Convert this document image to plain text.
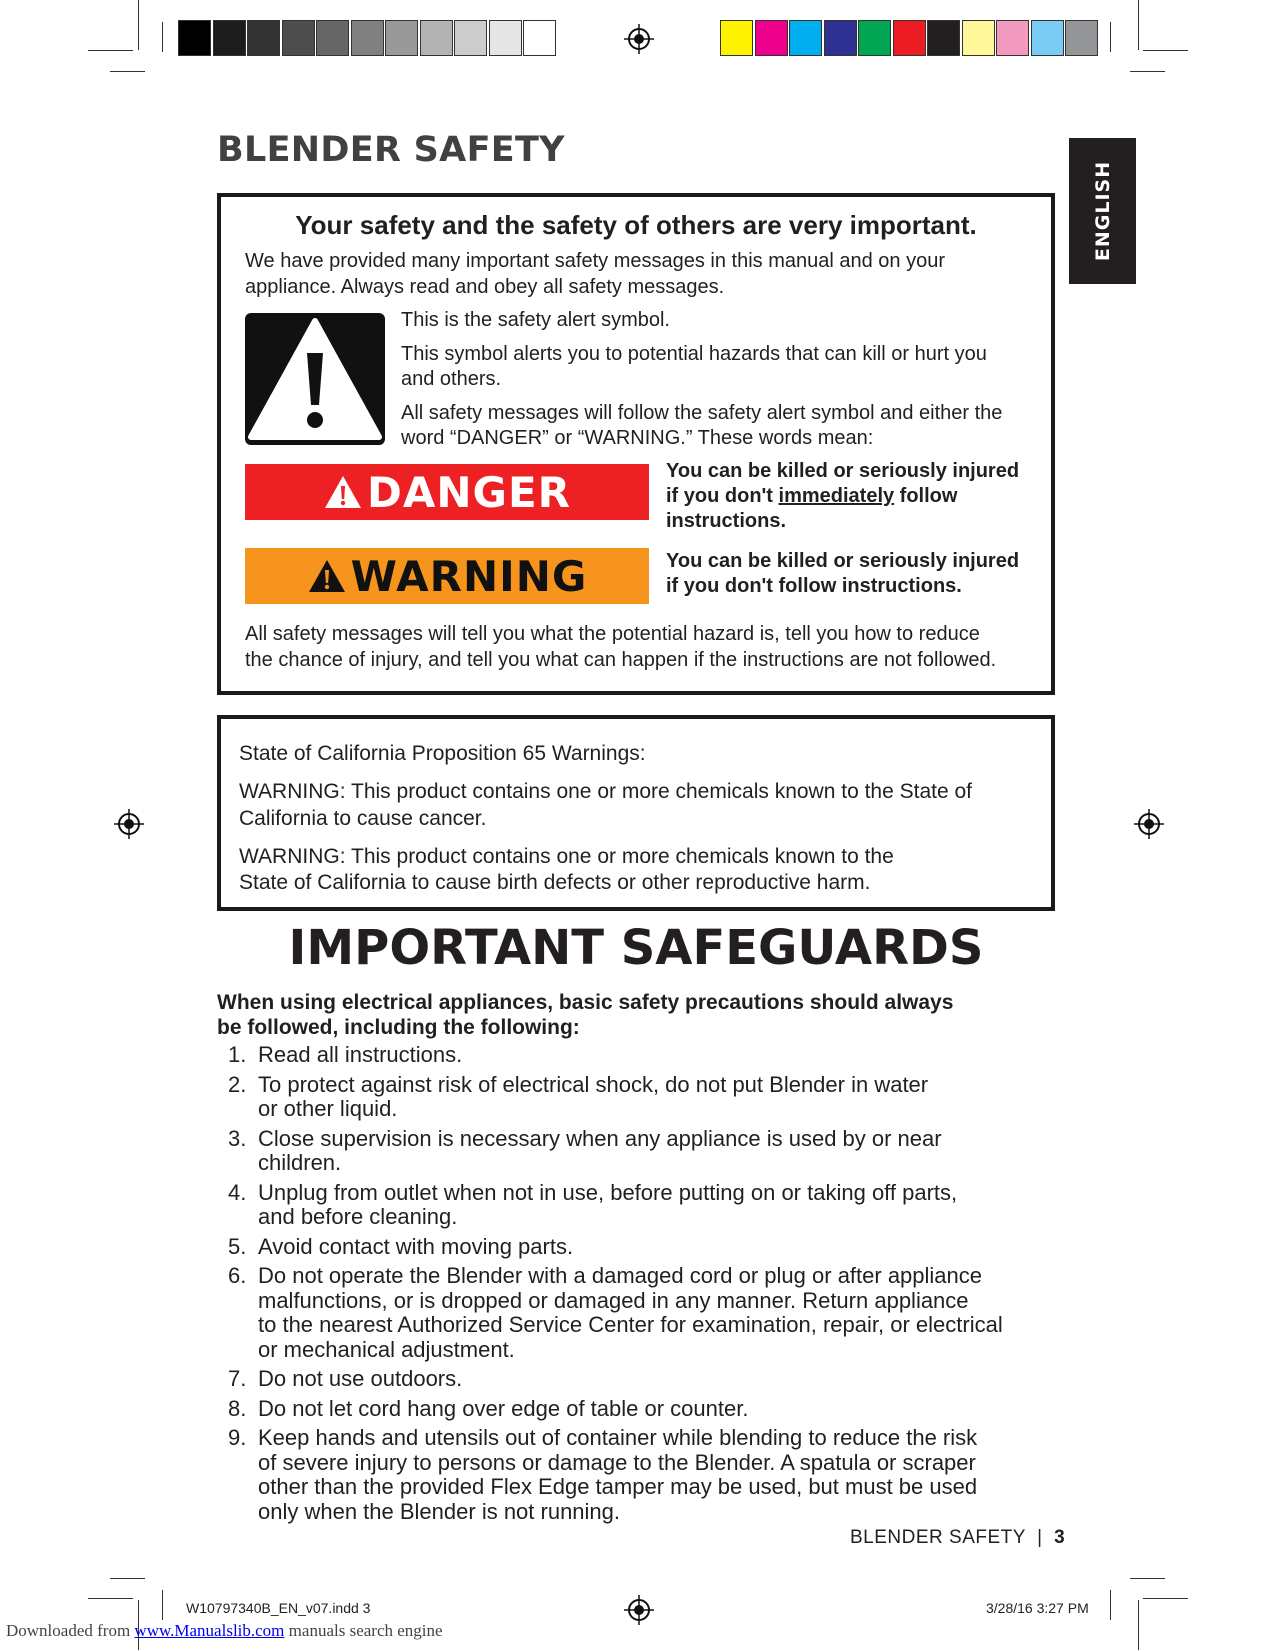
ENGLISH
BLENDER SAFETY
Your safety and the safety of others are very important.
We have provided many important safety messages in this manual and on your
appliance. Always read and obey all safety messages.
This is the safety alert symbol.
This symbol alerts you to potential hazards that can kill or hurt you
and others.
All safety messages will follow the safety alert symbol and either the
word “DANGER” or “WARNING.” These words mean:
DANGER	You can be killed or seriously injured
if you don't immediately follow
instructions.
WARNING	You can be killed or seriously injured
if you don't follow instructions.
All safety messages will tell you what the potential hazard is, tell you how to reduce
the chance of injury, and tell you what can happen if the instructions are not followed.
State of California Proposition 65 Warnings:
WARNING: This product contains one or more chemicals known to the State of
California to cause cancer.
WARNING: This product contains one or more chemicals known to the
State of California to cause birth defects or other reproductive harm.
IMPORTANT SAFEGUARDS
When using electrical appliances, basic safety precautions should always
be followed, including the following:
1. Read all instructions.
2. To protect against risk of electrical shock, do not put Blender in water
or other liquid.
3. Close supervision is necessary when any appliance is used by or near
children.
4. Unplug from outlet when not in use, before putting on or taking off parts,
and before cleaning.
5. Avoid contact with moving parts.
6. Do not operate the Blender with a damaged cord or plug or after appliance
malfunctions, or is dropped or damaged in any manner. Return appliance
to the nearest Authorized Service Center for examination, repair, or electrical
or mechanical adjustment.
7. Do not use outdoors.
8. Do not let cord hang over edge of table or counter.
9. Keep hands and utensils out of container while blending to reduce the risk
of severe injury to persons or damage to the Blender. A spatula or scraper
other than the provided Flex Edge tamper may be used, but must be used
only when the Blender is not running.
BLENDER SAFETY | 3
W10797340B_EN_v07.indd 3	3/28/16 3:27 PM
Downloaded from www.Manualslib.com manuals search engine
